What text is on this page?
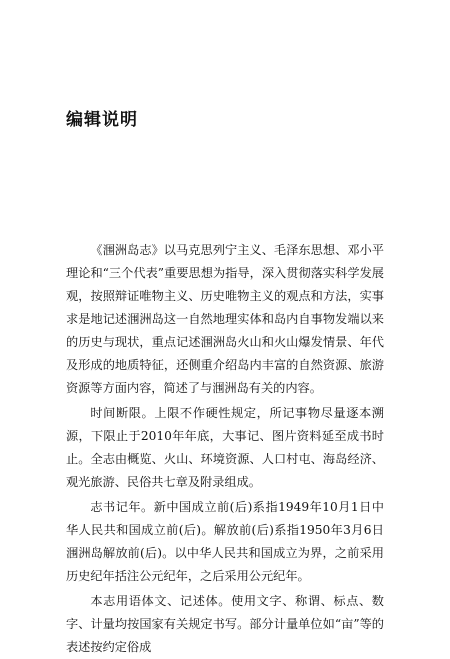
编辑说明

《涠洲岛志》以马克思列宁主义、毛泽东思想、邓小平理论和“三个代表”重要思想为指导，深入贯彻落实科学发展观，按照辩证唯物主义、历史唯物主义的观点和方法，实事求是地记述涠洲岛这一自然地理实体和岛内自事物发端以来的历史与现状，重点记述涠洲岛火山和火山爆发情景、年代及形成的地质特征，还侧重介绍岛内丰富的自然资源、旅游资源等方面内容，简述了与涠洲岛有关的内容。

时间断限。上限不作硬性规定，所记事物尽量逐本溯源，下限止于2010年年底，大事记、图片资料延至成书时止。全志由概览、火山、环境资源、人口村屯、海岛经济、观光旅游、民俗共七章及附录组成。

志书记年。新中国成立前(后)系指1949年10月1日中华人民共和国成立前(后)。解放前(后)系指1950年3月6日涠洲岛解放前(后)。以中华人民共和国成立为界，之前采用历史纪年括注公元纪年，之后采用公元纪年。

本志用语体文、记述体。使用文字、称谓、标点、数字、计量均按国家有关规定书写。部分计量单位如“亩”等的表述按约定俗成
